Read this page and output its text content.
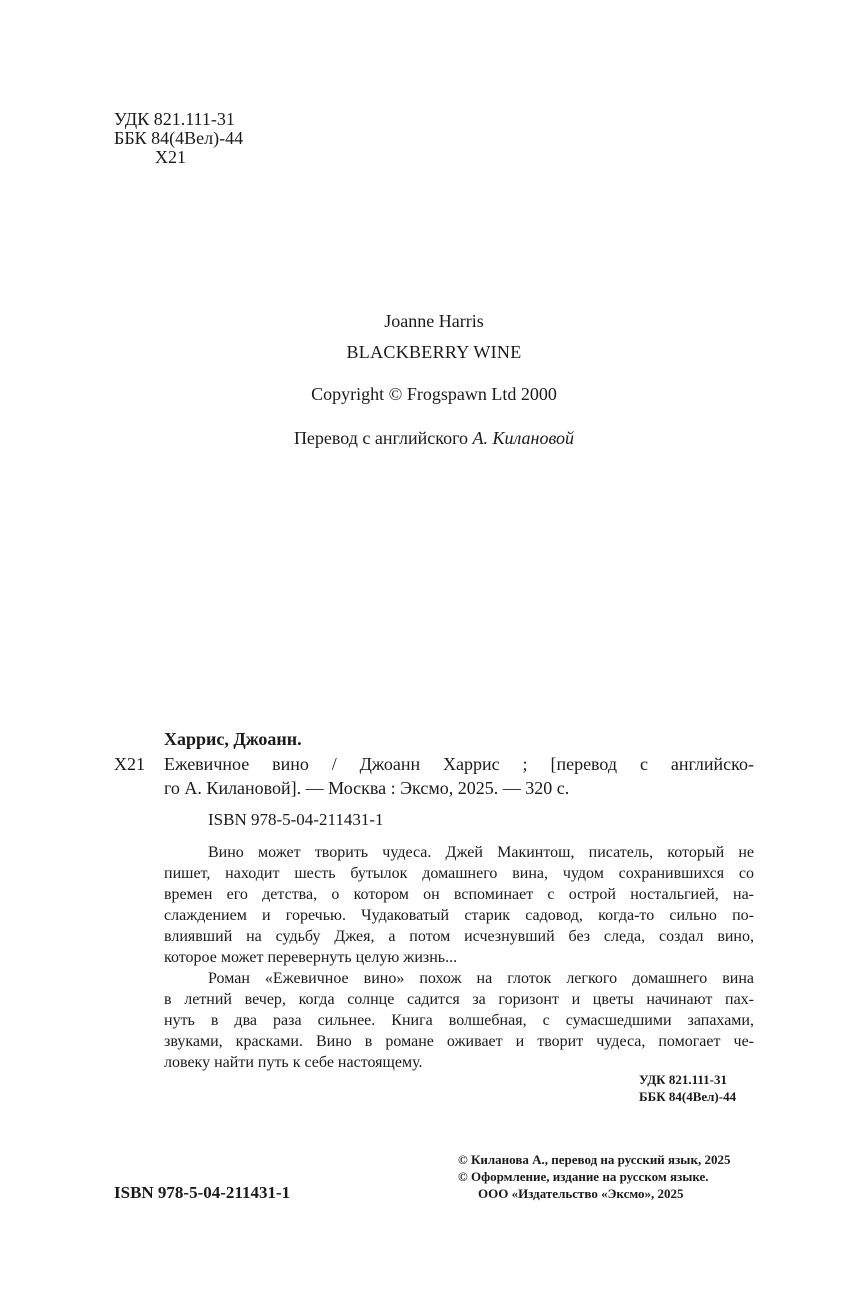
УДК 821.111-31
ББК 84(4Вел)-44
Х21
Joanne Harris
BLACKBERRY WINE
Copyright © Frogspawn Ltd 2000
Перевод с английского А. Килановой
Харрис, Джоанн.
Х21 Ежевичное вино / Джоанн Харрис ; [перевод с английско-
го А. Килановой]. — Москва : Эксмо, 2025. — 320 с.
ISBN 978-5-04-211431-1
Вино может творить чудеса. Джей Макинтош, писатель, который не
пишет, находит шесть бутылок домашнего вина, чудом сохранившихся со
времен его детства, о котором он вспоминает с острой ностальгией, на-
слаждением и горечью. Чудаковатый старик садовод, когда-то сильно по-
влиявший на судьбу Джея, а потом исчезнувший без следа, создал вино,
которое может перевернуть целую жизнь...
Роман «Ежевичное вино» похож на глоток легкого домашнего вина
в летний вечер, когда солнце садится за горизонт и цветы начинают пах-
нуть в два раза сильнее. Книга волшебная, с сумасшедшими запахами,
звуками, красками. Вино в романе оживает и творит чудеса, помогает че-
ловеку найти путь к себе настоящему.
УДК 821.111-31
ББК 84(4Вел)-44
© Киланова А., перевод на русский язык, 2025
© Оформление, издание на русском языке.
ООО «Издательство «Эксмо», 2025
ISBN 978-5-04-211431-1
